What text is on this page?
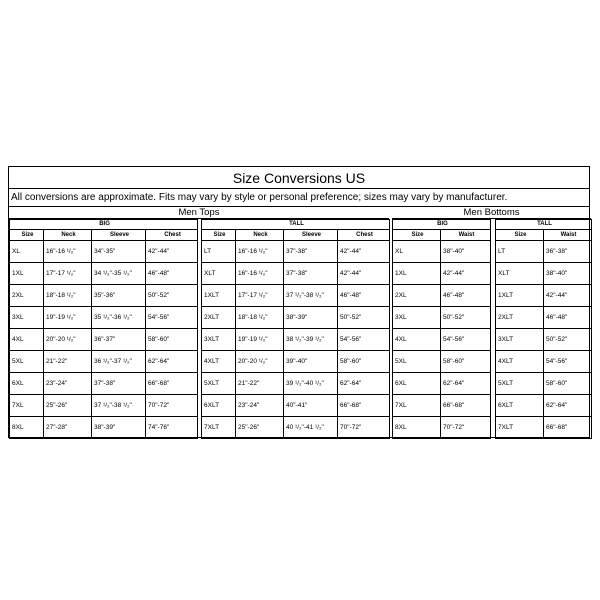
Size Conversions US
All conversions are approximate. Fits may vary by style or personal preference; sizes may vary by manufacturer.
Men Tops	Men Bottoms
BIG			
Size	Neck	Sleeve	Chest
XL	16"-16 ¹/₂"	34"-35"	42"-44"
1XL	17"-17 ¹/₂"	34 ¹/₂"-35 ¹/₂"	46"-48"
2XL	18"-18 ¹/₂"	35"-36"	50"-52"
3XL	19"-19 ¹/₂"	35 ¹/₂"-36 ¹/₂"	54"-56"
4XL	20"-20 ¹/₂"	36"-37"	58"-60"
5XL	21"-22"	36 ¹/₂"-37 ¹/₂"	62"-64"
6XL	23"-24"	37"-38"	66"-68"
7XL	25"-26"	37 ¹/₂"-38 ¹/₂"	70"-72"
8XL	27"-28"	38"-39"	74"-76"
TALL			
Size	Neck	Sleeve	Chest
LT	16"-16 ¹/₂"	37"-38"	42"-44"
XLT	16"-16 ¹/₂"	37"-38"	42"-44"
1XLT	17"-17 ¹/₂"	37 ¹/₂"-38 ¹/₂"	46"-48"
2XLT	18"-18 ¹/₂"	38"-39"	50"-52"
3XLT	19"-19 ¹/₂"	38 ¹/₂"-39 ¹/₂"	54"-56"
4XLT	20"-20 ¹/₂"	39"-40"	58"-60"
5XLT	21"-22"	39 ¹/₂"-40 ¹/₂"	62"-64"
6XLT	23"-24"	40"-41"	66"-68"
7XLT	25"-26"	40 ¹/₂"-41 ¹/₂"	70"-72"
BIG	
Size	Waist
XL	38"-40"
1XL	42"-44"
2XL	46"-48"
3XL	50"-52"
4XL	54"-56"
5XL	58"-60"
6XL	62"-64"
7XL	66"-68"
8XL	70"-72"
TALL	
Size	Waist
LT	36"-38"
XLT	38"-40"
1XLT	42"-44"
2XLT	46"-48"
3XLT	50"-52"
4XLT	54"-56"
5XLT	58"-60"
6XLT	62"-64"
7XLT	66"-68"
